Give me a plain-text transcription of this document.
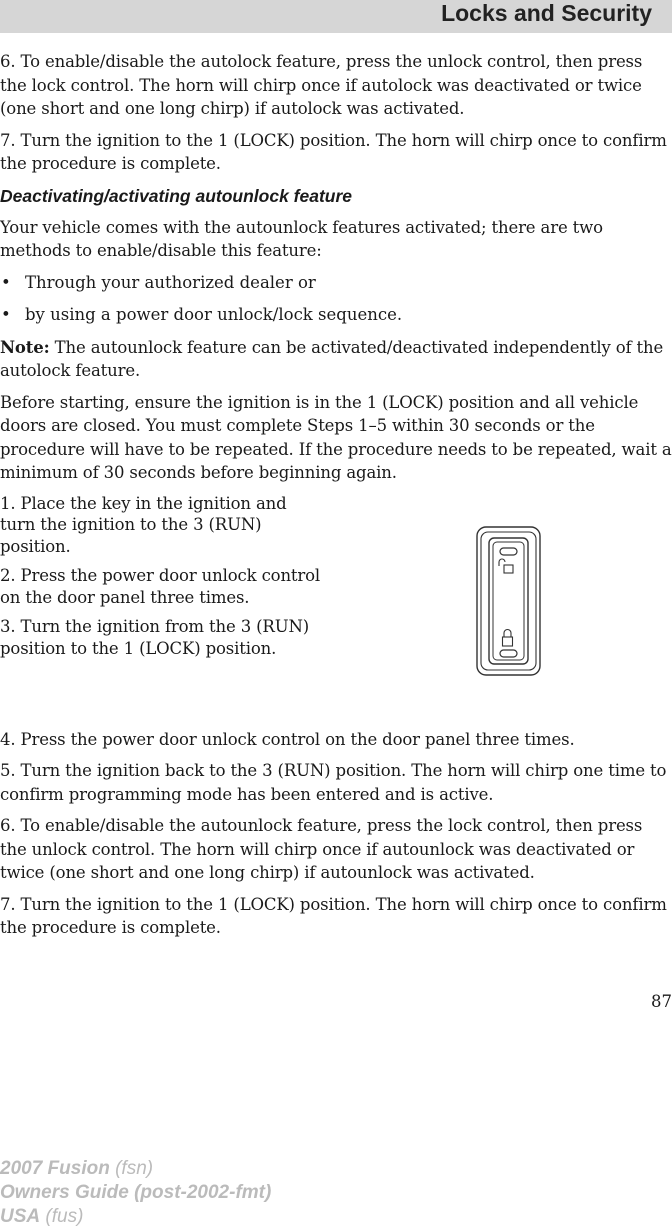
Locks and Security

6. To enable/disable the autolock feature, press the unlock control, then press the lock control. The horn will chirp once if autolock was deactivated or twice (one short and one long chirp) if autolock was activated.

7. Turn the ignition to the 1 (LOCK) position. The horn will chirp once to confirm the procedure is complete.

Deactivating/activating autounlock feature

Your vehicle comes with the autounlock features activated; there are two methods to enable/disable this feature:

• Through your authorized dealer or
• by using a power door unlock/lock sequence.

Note: The autounlock feature can be activated/deactivated independently of the autolock feature.

Before starting, ensure the ignition is in the 1 (LOCK) position and all vehicle doors are closed. You must complete Steps 1–5 within 30 seconds or the procedure will have to be repeated. If the procedure needs to be repeated, wait a minimum of 30 seconds before beginning again.

1. Place the key in the ignition and turn the ignition to the 3 (RUN) position.

2. Press the power door unlock control on the door panel three times.

3. Turn the ignition from the 3 (RUN) position to the 1 (LOCK) position.

4. Press the power door unlock control on the door panel three times.

5. Turn the ignition back to the 3 (RUN) position. The horn will chirp one time to confirm programming mode has been entered and is active.

6. To enable/disable the autounlock feature, press the lock control, then press the unlock control. The horn will chirp once if autounlock was deactivated or twice (one short and one long chirp) if autounlock was activated.

7. Turn the ignition to the 1 (LOCK) position. The horn will chirp once to confirm the procedure is complete.

87
2007 Fusion (fsn)
Owners Guide (post-2002-fmt)
USA (fus)
